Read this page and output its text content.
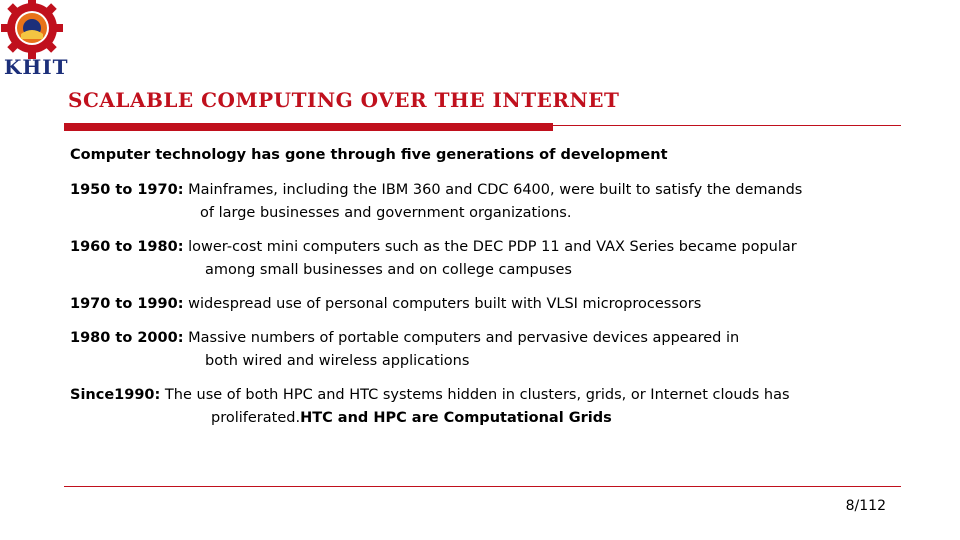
KHIT
SCALABLE COMPUTING OVER THE INTERNET

Computer technology has gone through five generations of development

1950 to 1970: Mainframes, including the IBM 360 and CDC 6400, were built to satisfy the demands
of large businesses and government organizations.

1960 to 1980: lower-cost mini computers such as the DEC PDP 11 and VAX Series became popular
among small businesses and on college campuses

1970 to 1990: widespread use of personal computers built with VLSI microprocessors

1980 to 2000: Massive numbers of portable computers and pervasive devices appeared in
both wired and wireless applications

Since1990: The use of both HPC and HTC systems hidden in clusters, grids, or Internet clouds has
proliferated.HTC and HPC are Computational Grids

8/112
